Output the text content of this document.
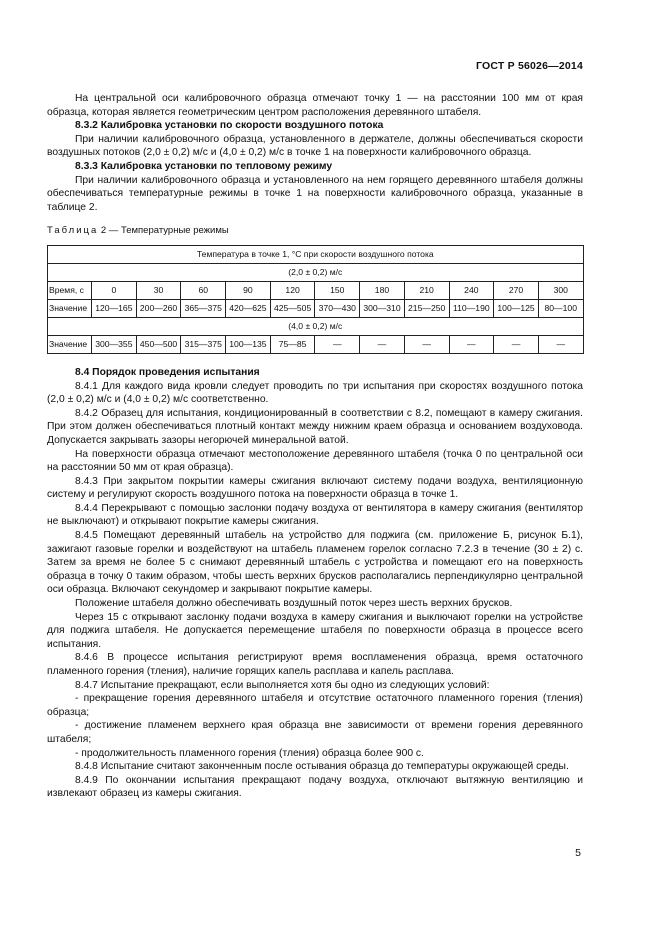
ГОСТ Р 56026—2014

На центральной оси калибровочного образца отмечают точку 1 — на расстоянии 100 мм от края образца, которая является геометрическим центром расположения деревянного штабеля.

8.3.2 Калибровка установки по скорости воздушного потока

При наличии калибровочного образца, установленного в держателе, должны обеспечиваться скорости воздушных потоков (2,0 ± 0,2) м/с и (4,0 ± 0,2) м/с в точке 1 на поверхности калибровочного образца.

8.3.3 Калибровка установки по тепловому режиму

При наличии калибровочного образца и установленного на нем горящего деревянного штабеля должны обеспечиваться температурные режимы в точке 1 на поверхности калибровочного образца, указанные в таблице 2.

Таблица 2 — Температурные режимы
Температура в точке 1, °С при скорости воздушного потока											
(2,0 ± 0,2) м/с											
Время, с	0	30	60	90	120	150	180	210	240	270	300
Значение	120—165	200—260	365—375	420—625	425—505	370—430	300—310	215—250	110—190	100—125	80—100
(4,0 ± 0,2) м/с											
Значение	300—355	450—500	315—375	100—135	75—85	—	—	—	—	—	—

8.4 Порядок проведения испытания

8.4.1 Для каждого вида кровли следует проводить по три испытания при скоростях воздушного потока (2,0 ± 0,2) м/с и (4,0 ± 0,2) м/с соответственно.

8.4.2 Образец для испытания, кондиционированный в соответствии с 8.2, помещают в камеру сжигания. При этом должен обеспечиваться плотный контакт между нижним краем образца и основанием воздуховода. Допускается закрывать зазоры негорючей минеральной ватой.

На поверхности образца отмечают местоположение деревянного штабеля (точка 0 по центральной оси на расстоянии 50 мм от края образца).

8.4.3 При закрытом покрытии камеры сжигания включают систему подачи воздуха, вентиляционную систему и регулируют скорость воздушного потока на поверхности образца в точке 1.

8.4.4 Перекрывают с помощью заслонки подачу воздуха от вентилятора в камеру сжигания (вентилятор не выключают) и открывают покрытие камеры сжигания.

8.4.5 Помещают деревянный штабель на устройство для поджига (см. приложение Б, рисунок Б.1), зажигают газовые горелки и воздействуют на штабель пламенем горелок согласно 7.2.3 в течение (30 ± 2) с. Затем за время не более 5 с снимают деревянный штабель с устройства и помещают его на поверхность образца в точку 0 таким образом, чтобы шесть верхних брусков располагались перпендикулярно центральной оси образца. Включают секундомер и закрывают покрытие камеры.

Положение штабеля должно обеспечивать воздушный поток через шесть верхних брусков.

Через 15 с открывают заслонку подачи воздуха в камеру сжигания и выключают горелки на устройстве для поджига штабеля. Не допускается перемещение штабеля по поверхности образца в процессе всего испытания.

8.4.6 В процессе испытания регистрируют время воспламенения образца, время остаточного пламенного горения (тления), наличие горящих капель расплава и капель расплава.

8.4.7 Испытание прекращают, если выполняется хотя бы одно из следующих условий:

- прекращение горения деревянного штабеля и отсутствие остаточного пламенного горения (тления) образца;

- достижение пламенем верхнего края образца вне зависимости от времени горения деревянного штабеля;

- продолжительность пламенного горения (тления) образца более 900 с.

8.4.8 Испытание считают законченным после остывания образца до температуры окружающей среды.

8.4.9 По окончании испытания прекращают подачу воздуха, отключают вытяжную вентиляцию и извлекают образец из камеры сжигания.

5
